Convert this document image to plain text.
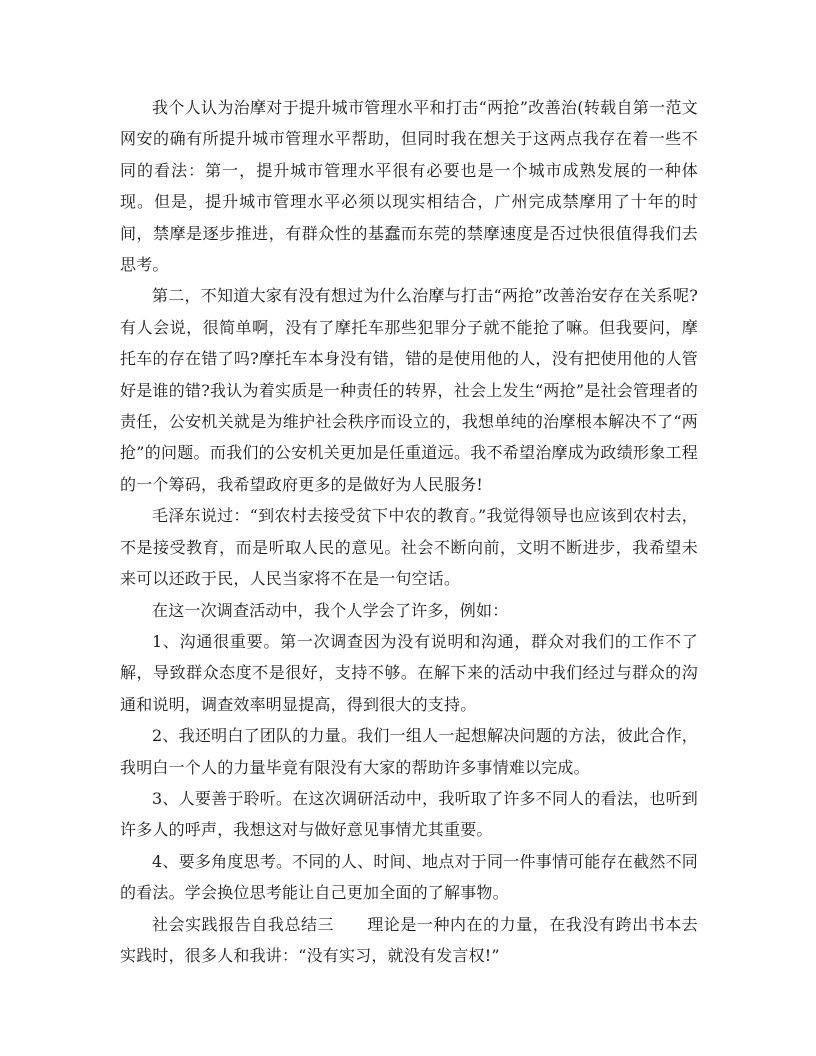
我个人认为治摩对于提升城市管理水平和打击“两抢”改善治(转载自第一范文网安的确有所提升城市管理水平帮助，但同时我在想关于这两点我存在着一些不同的看法：第一，提升城市管理水平很有必要也是一个城市成熟发展的一种体现。但是，提升城市管理水平必须以现实相结合，广州完成禁摩用了十年的时间，禁摩是逐步推进，有群众性的基蠢而东莞的禁摩速度是否过快很值得我们去思考。

第二，不知道大家有没有想过为什么治摩与打击“两抢”改善治安存在关系呢?有人会说，很简单啊，没有了摩托车那些犯罪分子就不能抢了嘛。但我要问，摩托车的存在错了吗?摩托车本身没有错，错的是使用他的人，没有把使用他的人管好是谁的错?我认为着实质是一种责任的转界，社会上发生“两抢”是社会管理者的责任，公安机关就是为维护社会秩序而设立的，我想单纯的治摩根本解决不了“两抢”的问题。而我们的公安机关更加是任重道远。我不希望治摩成为政绩形象工程的一个筹码，我希望政府更多的是做好为人民服务!

毛泽东说过：“到农村去接受贫下中农的教育。”我觉得领导也应该到农村去，不是接受教育，而是听取人民的意见。社会不断向前，文明不断进步，我希望未来可以还政于民，人民当家将不在是一句空话。

在这一次调查活动中，我个人学会了许多，例如：

1、沟通很重要。第一次调查因为没有说明和沟通，群众对我们的工作不了解，导致群众态度不是很好，支持不够。在解下来的活动中我们经过与群众的沟通和说明，调查效率明显提高，得到很大的支持。

2、我还明白了团队的力量。我们一组人一起想解决问题的方法，彼此合作，我明白一个人的力量毕竟有限没有大家的帮助许多事情难以完成。

3、人要善于聆听。在这次调研活动中，我听取了许多不同人的看法，也听到许多人的呼声，我想这对与做好意见事情尤其重要。

4、要多角度思考。不同的人、时间、地点对于同一件事情可能存在截然不同的看法。学会换位思考能让自己更加全面的了解事物。

社会实践报告自我总结三　　理论是一种内在的力量，在我没有跨出书本去实践时，很多人和我讲：“没有实习，就没有发言权!”
